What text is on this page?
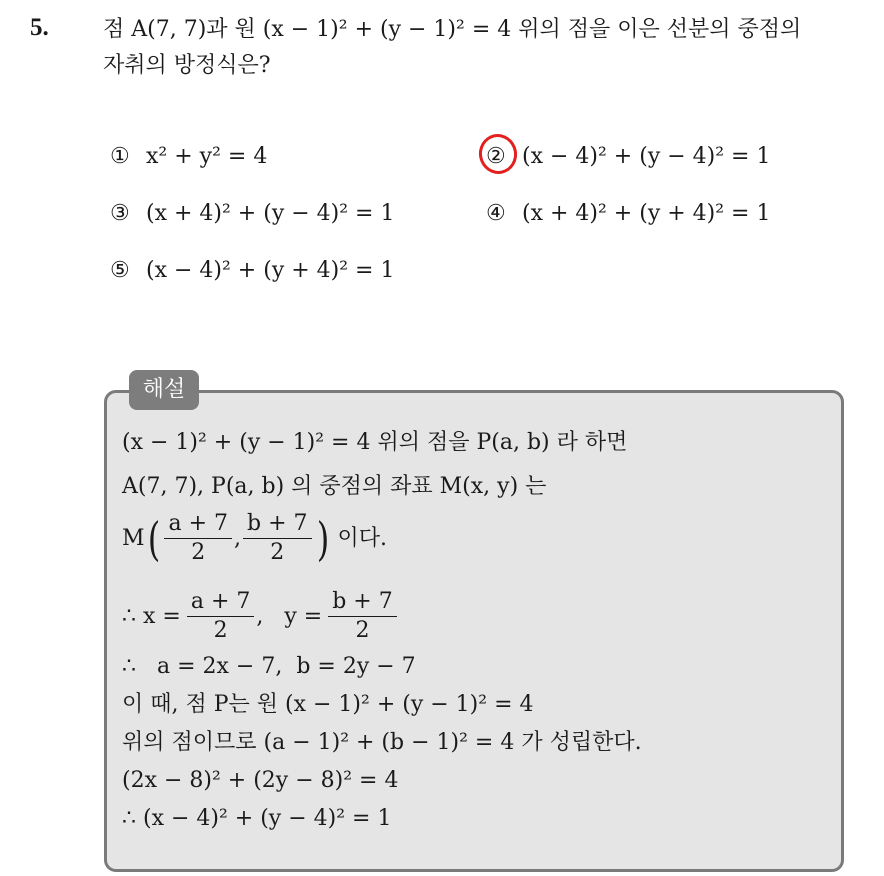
5. 점 A(7, 7)과 원 (x − 1)² + (y − 1)² = 4 위의 점을 이은 선분의 중점의
자취의 방정식은?
① x² + y² = 4	② (x − 4)² + (y − 4)² = 1
③ (x + 4)² + (y − 4)² = 1	④ (x + 4)² + (y + 4)² = 1
⑤ (x − 4)² + (y + 4)² = 1
해설
(x − 1)² + (y − 1)² = 4 위의 점을 P(a, b) 라 하면
A(7, 7), P(a, b) 의 중점의 좌표 M(x, y) 는
M ( $\frac{a + 7}{2}$ , $\frac{b + 7}{2}$ ) 이다.
∴ $x = \frac{a + 7}{2}$ ,   $y = \frac{b + 7}{2}$
∴   a = 2x − 7,  b = 2y − 7
이 때, 점 P는 원 (x − 1)² + (y − 1)² = 4
위의 점이므로 (a − 1)² + (b − 1)² = 4 가 성립한다.
(2x − 8)² + (2y − 8)² = 4
∴ (x − 4)² + (y − 4)² = 1
